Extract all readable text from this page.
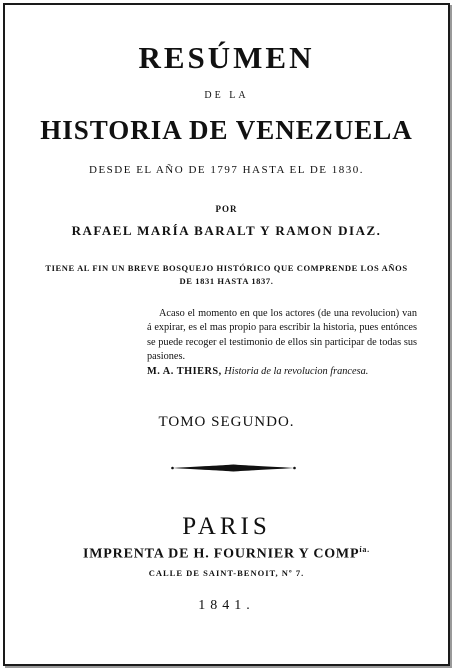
RESÚMEN
DE LA
HISTORIA DE VENEZUELA
DESDE EL AÑO DE 1797 HASTA EL DE 1830.
POR
RAFAEL MARÍA BARALT Y RAMON DIAZ.
TIENE AL FIN UN BREVE BOSQUEJO HISTÓRICO QUE COMPRENDE LOS AÑOS
DE 1831 HASTA 1837.
Acaso el momento en que los actores (de una revolucion) van á expirar, es el mas propio para escribir la historia, pues entónces se puede recoger el testimonio de ellos sin participar de todas sus pasiones.
M. A. THIERS, Historia de la revolucion francesa.
TOMO SEGUNDO.
PARIS
IMPRENTA DE H. FOURNIER Y $COMP^{ía.}$
CALLE DE SAINT-BENOIT, Nº 7.
1841.
